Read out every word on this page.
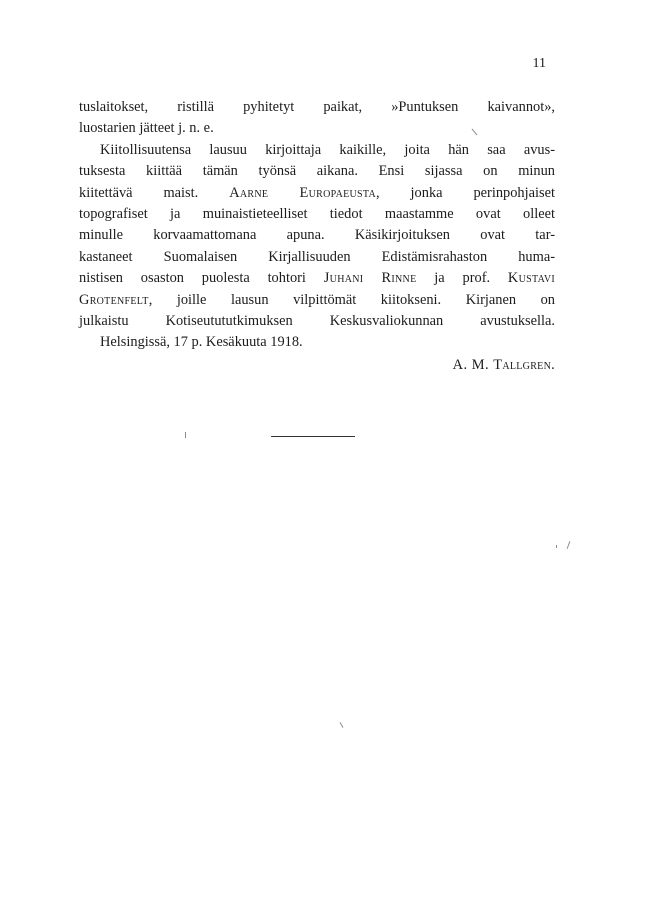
11
tuslaitokset, ristillä pyhitetyt paikat, »Puntuksen kaivannot»,
luostarien jätteet j. n. e.
Kiitollisuutensa lausuu kirjoittaja kaikille, joita hän saa avus-
tuksesta kiittää tämän työnsä aikana. Ensi sijassa on minun
kiitettävä maist. Aarne Europaeusta, jonka perinpohjaiset
topografiset ja muinaistieteelliset tiedot maastamme ovat olleet
minulle korvaamattomana apuna. Käsikirjoituksen ovat tar-
kastaneet Suomalaisen Kirjallisuuden Edistämisrahaston huma-
nistisen osaston puolesta tohtori Juhani Rinne ja prof. Kustavi
Grotenfelt, joille lausun vilpittömät kiitokseni. Kirjanen on
julkaistu Kotiseutututkimuksen Keskusvaliokunnan avustuksella.
Helsingissä, 17 p. Kesäkuuta 1918.
A. M. Tallgren.
